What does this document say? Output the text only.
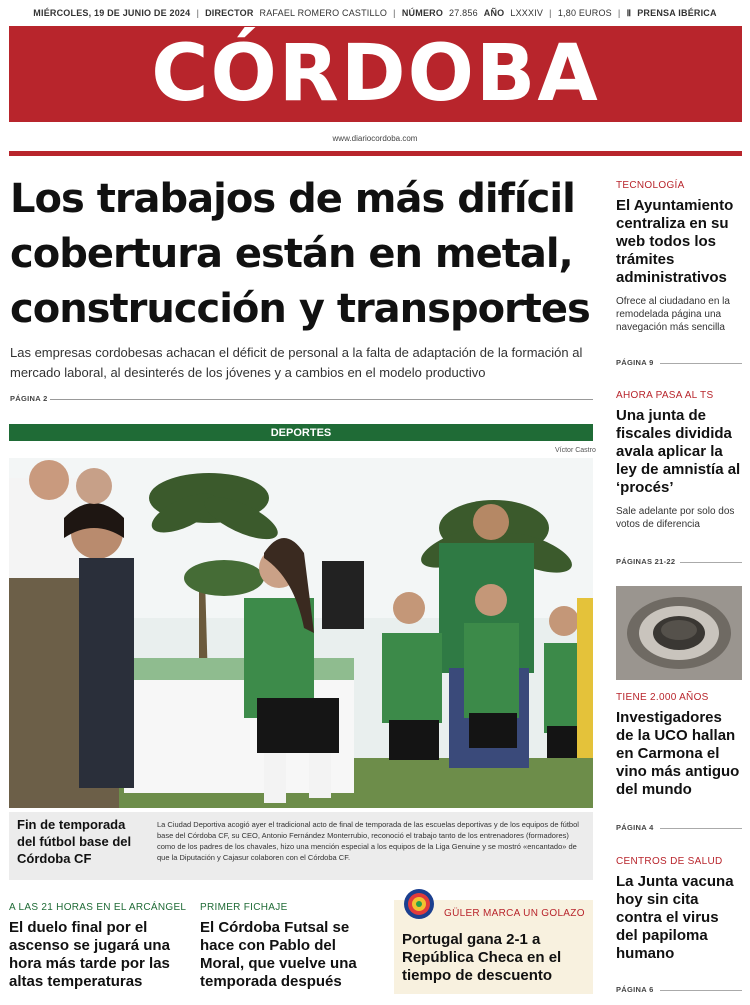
MIÉRCOLES, 19 DE JUNIO DE 2024 | DIRECTOR RAFAEL ROMERO CASTILLO | NÚMERO 27.856 AÑO LXXXIV | 1,80 EUROS | Ⅱ PRENSA IBÉRICA
CÓRDOBA
www.diariocordoba.com
Los trabajos de más difícil cobertura están en metal, construcción y transportes
Las empresas cordobesas achacan el déficit de personal a la falta de adaptación de la formación al mercado laboral, al desinterés de los jóvenes y a cambios en el modelo productivo
PÁGINA 2
DEPORTES
Víctor Castro
Fin de temporada del fútbol base del Córdoba CF
La Ciudad Deportiva acogió ayer el tradicional acto de final de temporada de las escuelas deportivas y de los equipos de fútbol base del Córdoba CF, su CEO, Antonio Fernández Monterrubio, reconoció el trabajo tanto de los entrenadores (formadores) como de los padres de los chavales, hizo una mención especial a los equipos de la Liga Genuine y se mostró «encantado» de que la Diputación y Cajasur colaboren con el Córdoba CF.
A LAS 21 HORAS EN EL ARCÁNGEL
El duelo final por el ascenso se jugará una hora más tarde por las altas temperaturas
PRIMER FICHAJE
El Córdoba Futsal se hace con Pablo del Moral, que vuelve una temporada después
GÜLER MARCA UN GOLAZO
Portugal gana 2-1 a República Checa en el tiempo de descuento
TECNOLOGÍA
El Ayuntamiento centraliza en su web todos los trámites administrativos
Ofrece al ciudadano en la remodelada página una navegación más sencilla
PÁGINA 9
AHORA PASA AL TS
Una junta de fiscales dividida avala aplicar la ley de amnistía al ‘procés’
Sale adelante por solo dos votos de diferencia
PÁGINAS 21-22
TIENE 2.000 AÑOS
Investigadores de la UCO hallan en Carmona el vino más antiguo del mundo
PÁGINA 4
CENTROS DE SALUD
La Junta vacuna hoy sin cita contra el virus del papiloma humano
PÁGINA 6
